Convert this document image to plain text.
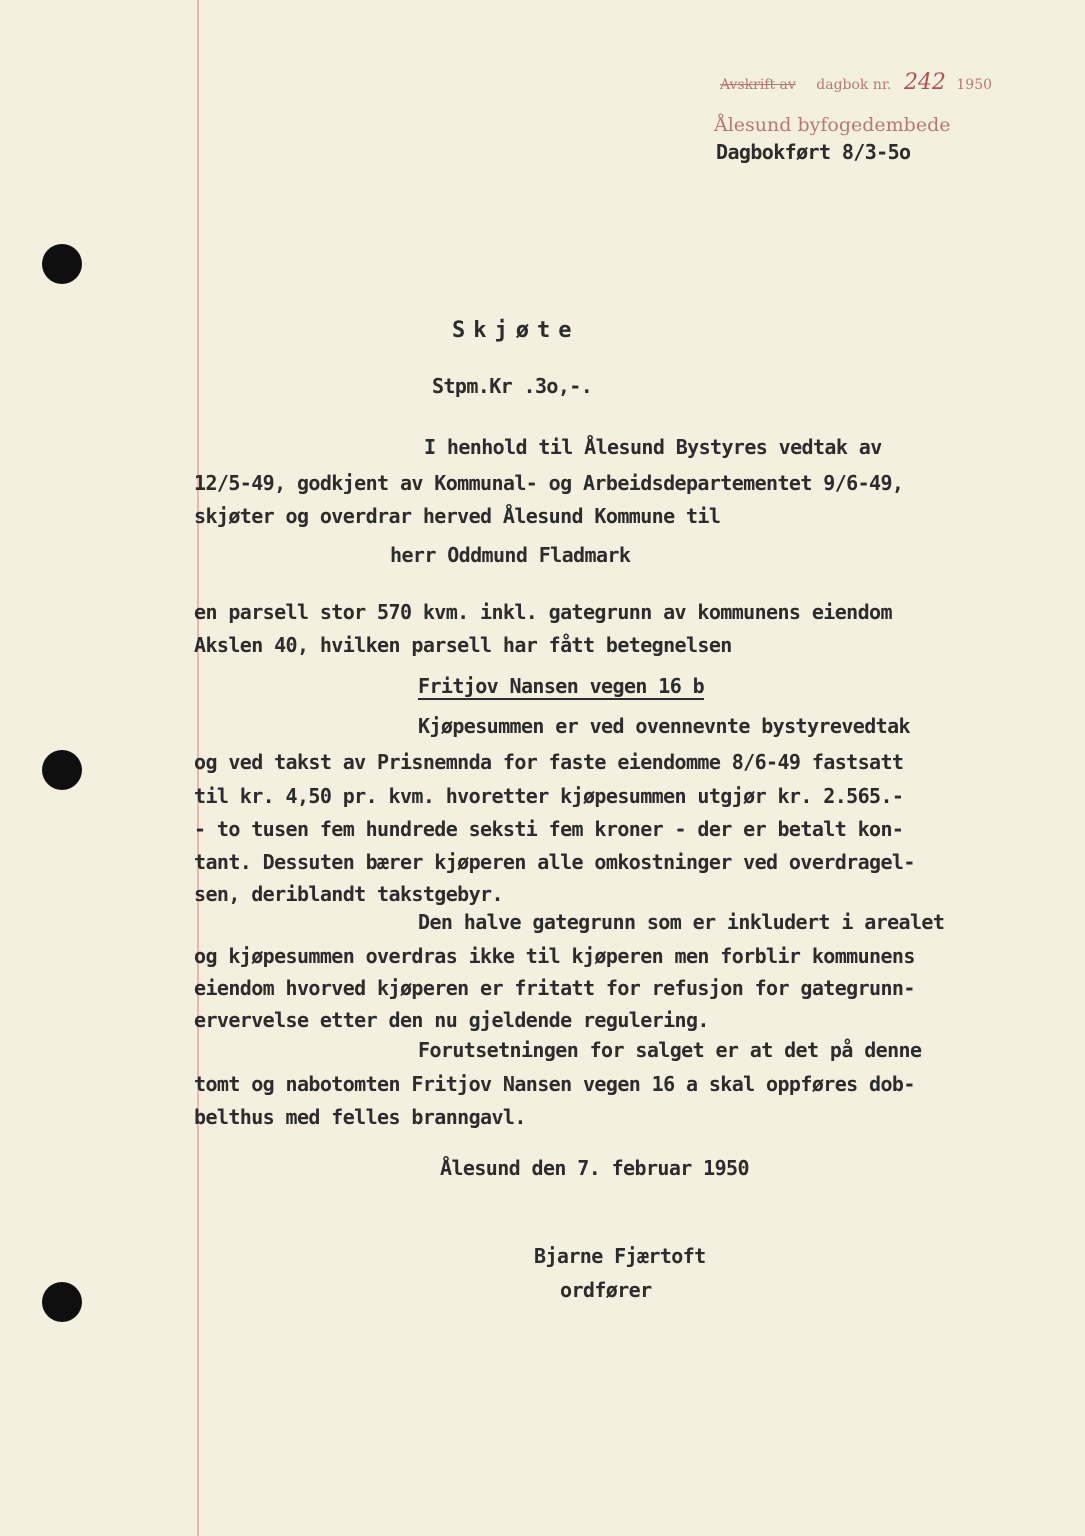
Avskrift av dagbok nr. 242 1950
Ålesund byfogedembede
Dagbokført 8/3-5o
Skjøte
Stpm.Kr .3o,-.
I henhold til Ålesund Bystyres vedtak av
12/5-49, godkjent av Kommunal- og Arbeidsdepartementet 9/6-49,
skjøter og overdrar herved Ålesund Kommune til
herr Oddmund Fladmark
en parsell stor 570 kvm. inkl. gategrunn av kommunens eiendom
Akslen 40, hvilken parsell har fått betegnelsen
Fritjov Nansen vegen 16 b
Kjøpesummen er ved ovennevnte bystyrevedtak
og ved takst av Prisnemnda for faste eiendomme 8/6-49 fastsatt
til kr. 4,50 pr. kvm. hvoretter kjøpesummen utgjør kr. 2.565.-
- to tusen fem hundrede seksti fem kroner - der er betalt kon-
tant. Dessuten bærer kjøperen alle omkostninger ved overdragel-
sen, deriblandt takstgebyr.
Den halve gategrunn som er inkludert i arealet
og kjøpesummen overdras ikke til kjøperen men forblir kommunens
eiendom hvorved kjøperen er fritatt for refusjon for gategrunn-
ervervelse etter den nu gjeldende regulering.
Forutsetningen for salget er at det på denne
tomt og nabotomten Fritjov Nansen vegen 16 a skal oppføres dob-
belthus med felles branngavl.
Ålesund den 7. februar 1950
Bjarne Fjærtoft
ordfører
